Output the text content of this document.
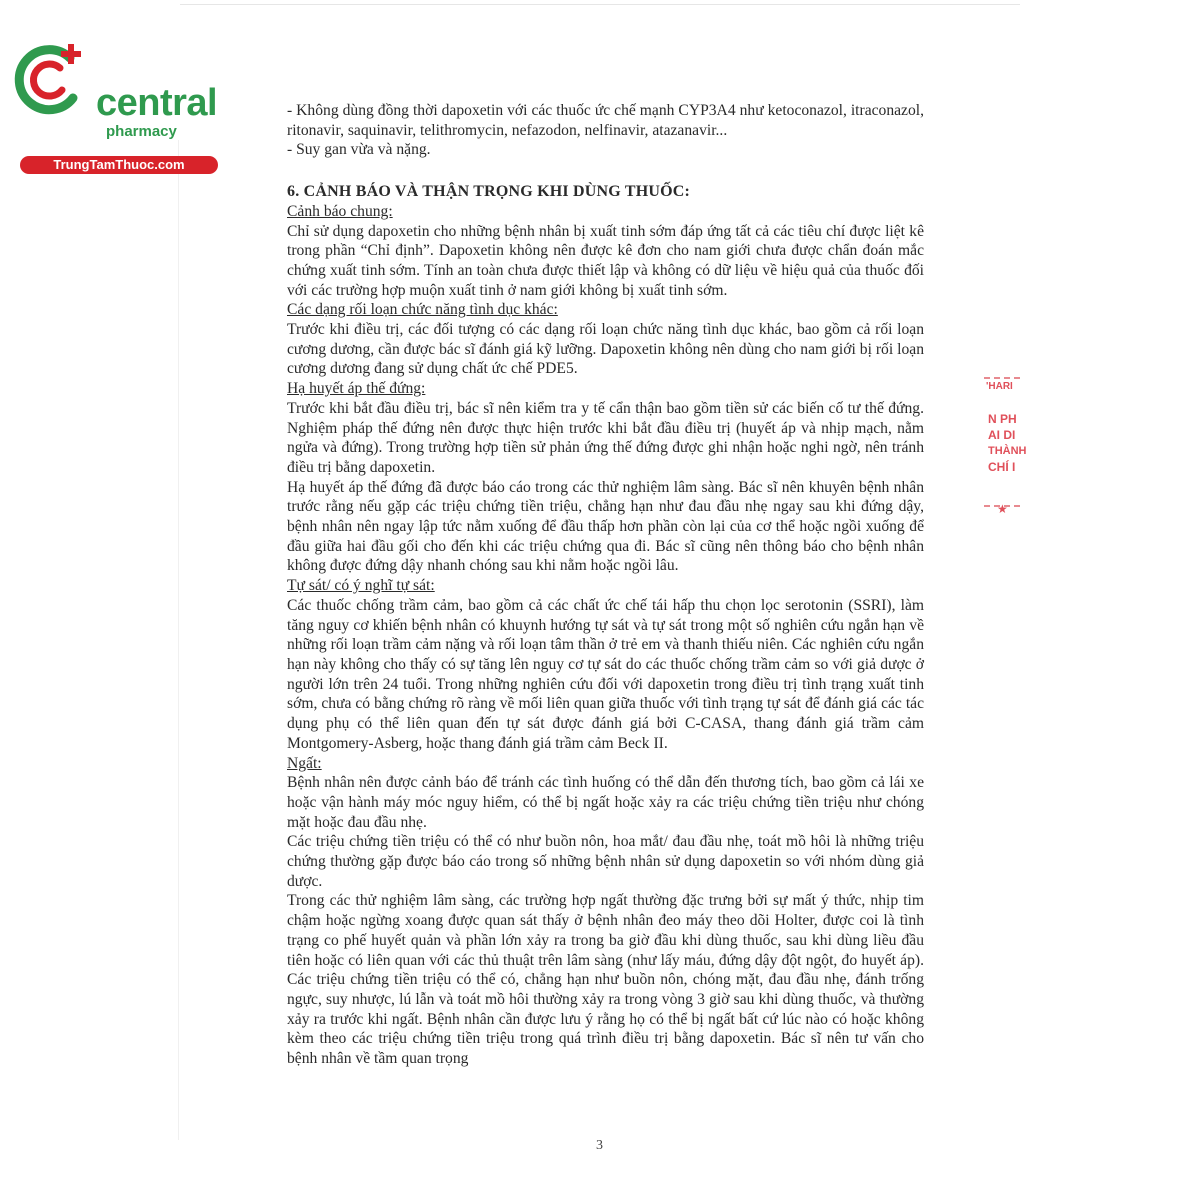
central

pharmacy
TrungTamThuoc.com

- Không dùng đồng thời dapoxetin với các thuốc ức chế mạnh CYP3A4 như ketoconazol, itraconazol, ritonavir, saquinavir, telithromycin, nefazodon, nelfinavir, atazanavir...

- Suy gan vừa và nặng.

6. CẢNH BÁO VÀ THẬN TRỌNG KHI DÙNG THUỐC:

Cảnh báo chung:

Chỉ sử dụng dapoxetin cho những bệnh nhân bị xuất tinh sớm đáp ứng tất cả các tiêu chí được liệt kê trong phần “Chỉ định”. Dapoxetin không nên được kê đơn cho nam giới chưa được chẩn đoán mắc chứng xuất tinh sớm. Tính an toàn chưa được thiết lập và không có dữ liệu về hiệu quả của thuốc đối với các trường hợp muộn xuất tinh ở nam giới không bị xuất tinh sớm.

Các dạng rối loạn chức năng tình dục khác:

Trước khi điều trị, các đối tượng có các dạng rối loạn chức năng tình dục khác, bao gồm cả rối loạn cương dương, cần được bác sĩ đánh giá kỹ lưỡng. Dapoxetin không nên dùng cho nam giới bị rối loạn cương dương đang sử dụng chất ức chế PDE5.

Hạ huyết áp thế đứng:

Trước khi bắt đầu điều trị, bác sĩ nên kiểm tra y tế cẩn thận bao gồm tiền sử các biến cố tư thế đứng. Nghiệm pháp thế đứng nên được thực hiện trước khi bắt đầu điều trị (huyết áp và nhịp mạch, nằm ngửa và đứng). Trong trường hợp tiền sử phản ứng thế đứng được ghi nhận hoặc nghi ngờ, nên tránh điều trị bằng dapoxetin.

Hạ huyết áp thế đứng đã được báo cáo trong các thử nghiệm lâm sàng. Bác sĩ nên khuyên bệnh nhân trước rằng nếu gặp các triệu chứng tiền triệu, chẳng hạn như đau đầu nhẹ ngay sau khi đứng dậy, bệnh nhân nên ngay lập tức nằm xuống để đầu thấp hơn phần còn lại của cơ thể hoặc ngồi xuống để đầu giữa hai đầu gối cho đến khi các triệu chứng qua đi. Bác sĩ cũng nên thông báo cho bệnh nhân không được đứng dậy nhanh chóng sau khi nằm hoặc ngồi lâu.

Tự sát/ có ý nghĩ tự sát:

Các thuốc chống trầm cảm, bao gồm cả các chất ức chế tái hấp thu chọn lọc serotonin (SSRI), làm tăng nguy cơ khiến bệnh nhân có khuynh hướng tự sát và tự sát trong một số nghiên cứu ngắn hạn về những rối loạn trầm cảm nặng và rối loạn tâm thần ở trẻ em và thanh thiếu niên. Các nghiên cứu ngắn hạn này không cho thấy có sự tăng lên nguy cơ tự sát do các thuốc chống trầm cảm so với giả dược ở người lớn trên 24 tuổi. Trong những nghiên cứu đối với dapoxetin trong điều trị tình trạng xuất tinh sớm, chưa có bằng chứng rõ ràng về mối liên quan giữa thuốc với tình trạng tự sát để đánh giá các tác dụng phụ có thể liên quan đến tự sát được đánh giá bởi C-CASA, thang đánh giá trầm cảm Montgomery-Asberg, hoặc thang đánh giá trầm cảm Beck II.

Ngất:

Bệnh nhân nên được cảnh báo để tránh các tình huống có thể dẫn đến thương tích, bao gồm cả lái xe hoặc vận hành máy móc nguy hiểm, có thể bị ngất hoặc xảy ra các triệu chứng tiền triệu như chóng mặt hoặc đau đầu nhẹ.

Các triệu chứng tiền triệu có thể có như buồn nôn, hoa mắt/ đau đầu nhẹ, toát mồ hôi là những triệu chứng thường gặp được báo cáo trong số những bệnh nhân sử dụng dapoxetin so với nhóm dùng giả dược.

Trong các thử nghiệm lâm sàng, các trường hợp ngất thường đặc trưng bởi sự mất ý thức, nhịp tim chậm hoặc ngừng xoang được quan sát thấy ở bệnh nhân đeo máy theo dõi Holter, được coi là tình trạng co phế huyết quản và phần lớn xảy ra trong ba giờ đầu khi dùng thuốc, sau khi dùng liều đầu tiên hoặc có liên quan với các thủ thuật trên lâm sàng (như lấy máu, đứng dậy đột ngột, đo huyết áp). Các triệu chứng tiền triệu có thể có, chẳng hạn như buồn nôn, chóng mặt, đau đầu nhẹ, đánh trống ngực, suy nhược, lú lẫn và toát mồ hôi thường xảy ra trong vòng 3 giờ sau khi dùng thuốc, và thường xảy ra trước khi ngất. Bệnh nhân cần được lưu ý rằng họ có thể bị ngất bất cứ lúc nào có hoặc không kèm theo các triệu chứng tiền triệu trong quá trình điều trị bằng dapoxetin. Bác sĩ nên tư vấn cho bệnh nhân về tầm quan trọng

3
'HARI
N PH
AI DI
THÀNH
CHÍ I
★
